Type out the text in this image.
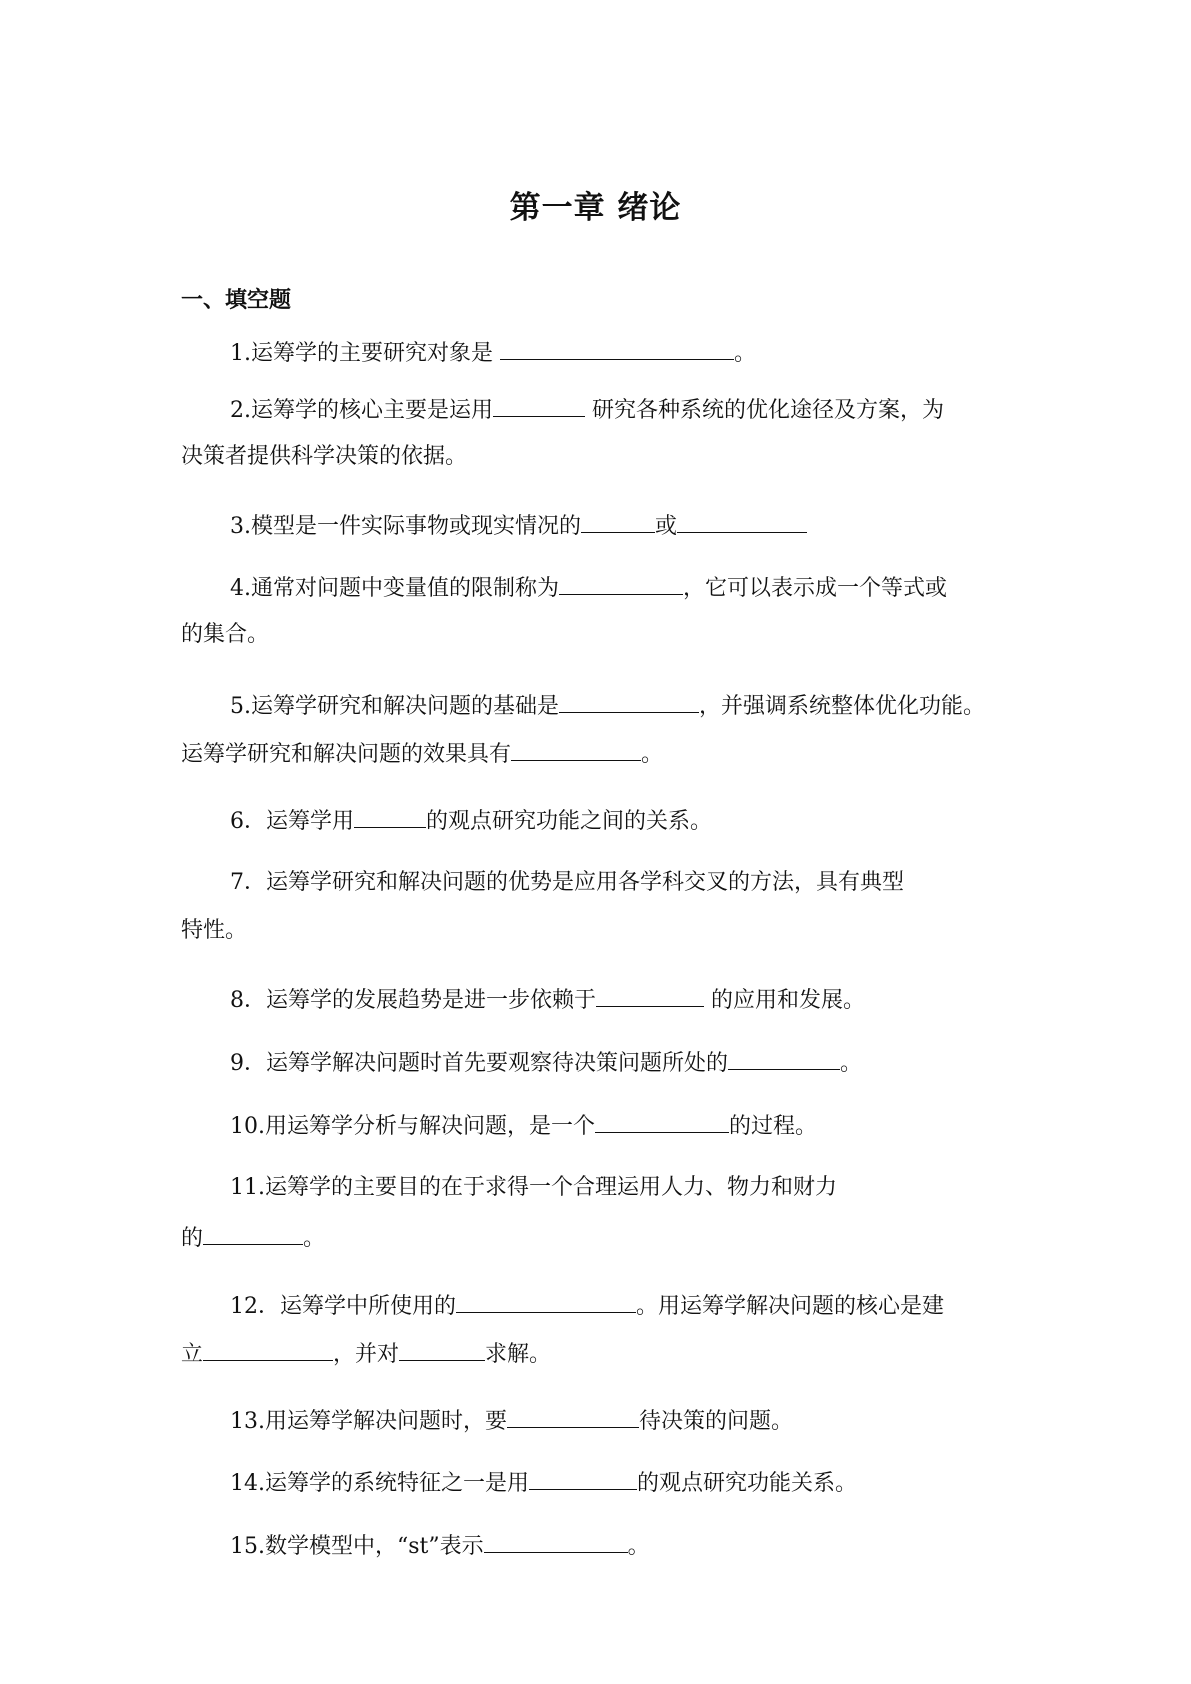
第一章 绪论
一、填空题
1.运筹学的主要研究对象是	。
2.运筹学的核心主要是运用	研究各种系统的优化途径及方案，为
决策者提供科学决策的依据。
3.模型是一件实际事物或现实情况的	或
4.通常对问题中变量值的限制称为	，它可以表示成一个等式或
的集合。
5.运筹学研究和解决问题的基础是	，并强调系统整体优化功能。
运筹学研究和解决问题的效果具有	。
6．运筹学用	的观点研究功能之间的关系。
7．运筹学研究和解决问题的优势是应用各学科交叉的方法，具有典型
特性。
8．运筹学的发展趋势是进一步依赖于	的应用和发展。
9．运筹学解决问题时首先要观察待决策问题所处的	。
10.用运筹学分析与解决问题，是一个	的过程。
11.运筹学的主要目的在于求得一个合理运用人力、物力和财力
的	。
12．运筹学中所使用的	。用运筹学解决问题的核心是建
立	，并对	求解。
13.用运筹学解决问题时，要	待决策的问题。
14.运筹学的系统特征之一是用	的观点研究功能关系。
15.数学模型中，“st”表示	。
